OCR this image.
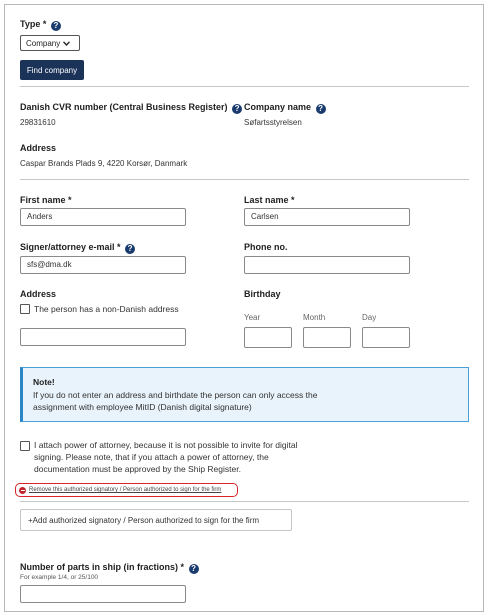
Type * ?
Company
Find company
Danish CVR number (Central Business Register) ?
29831610
Company name ?
Søfartsstyrelsen
Address
Caspar Brands Plads 9, 4220 Korsør, Danmark
First name *
Anders
Last name *
Carlsen
Signer/attorney e-mail * ?
sfs@dma.dk
Phone no.
Address
The person has a non-Danish address
Birthday
Year	Month	Day
Note!
If you do not enter an address and birthdate the person can only access the
assignment with employee MitID (Danish digital signature)
I attach power of attorney, because it is not possible to invite for digital
signing. Please note, that if you attach a power of attorney, the
documentation must be approved by the Ship Register.
Remove this authorized signatory / Person authorized to sign for the firm
+Add authorized signatory / Person authorized to sign for the firm
Number of parts in ship (in fractions) * ?
For example 1/4, or 25/100
